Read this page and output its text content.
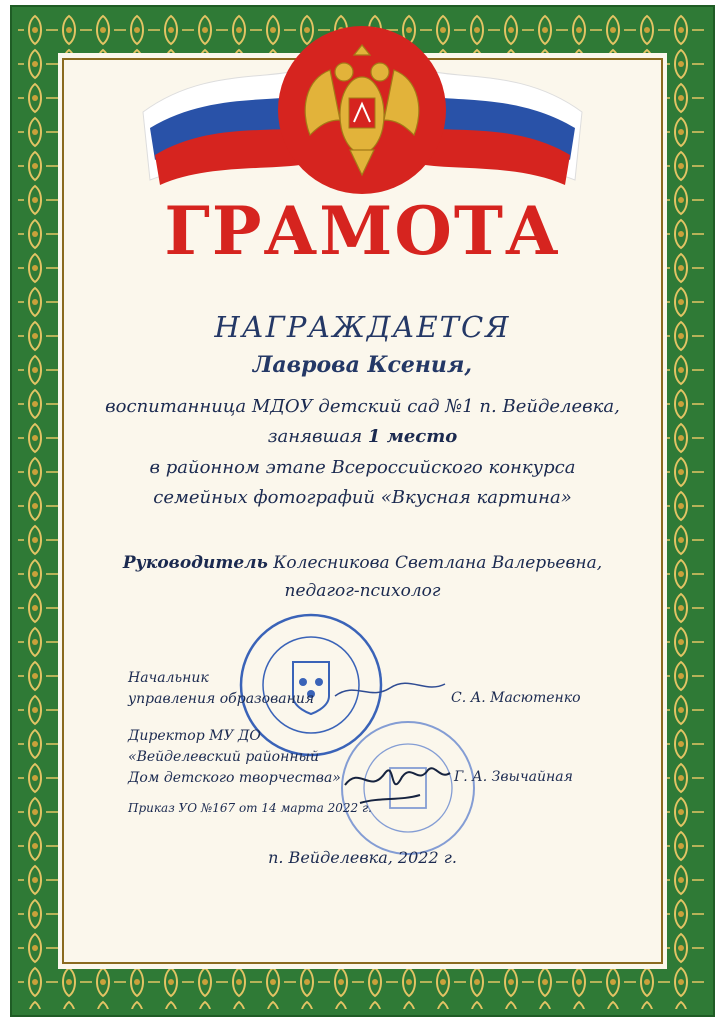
ГРАМОТА
НАГРАЖДАЕТСЯ
Лаврова Ксения,
воспитанница МДОУ детский сад №1 п. Вейделевка,
занявшая 1 место
в районном этапе Всероссийского конкурса
семейных фотографий «Вкусная картина»
Руководитель Колесникова Светлана Валерьевна,
педагог-психолог
Начальник
управления образования	С. А. Масютенко
Директор МУ ДО
«Вейделевский районный
Дом детского творчества»	Г. А. Звычайная
Приказ УО №167 от 14 марта 2022 г.
п. Вейделевка, 2022 г.
